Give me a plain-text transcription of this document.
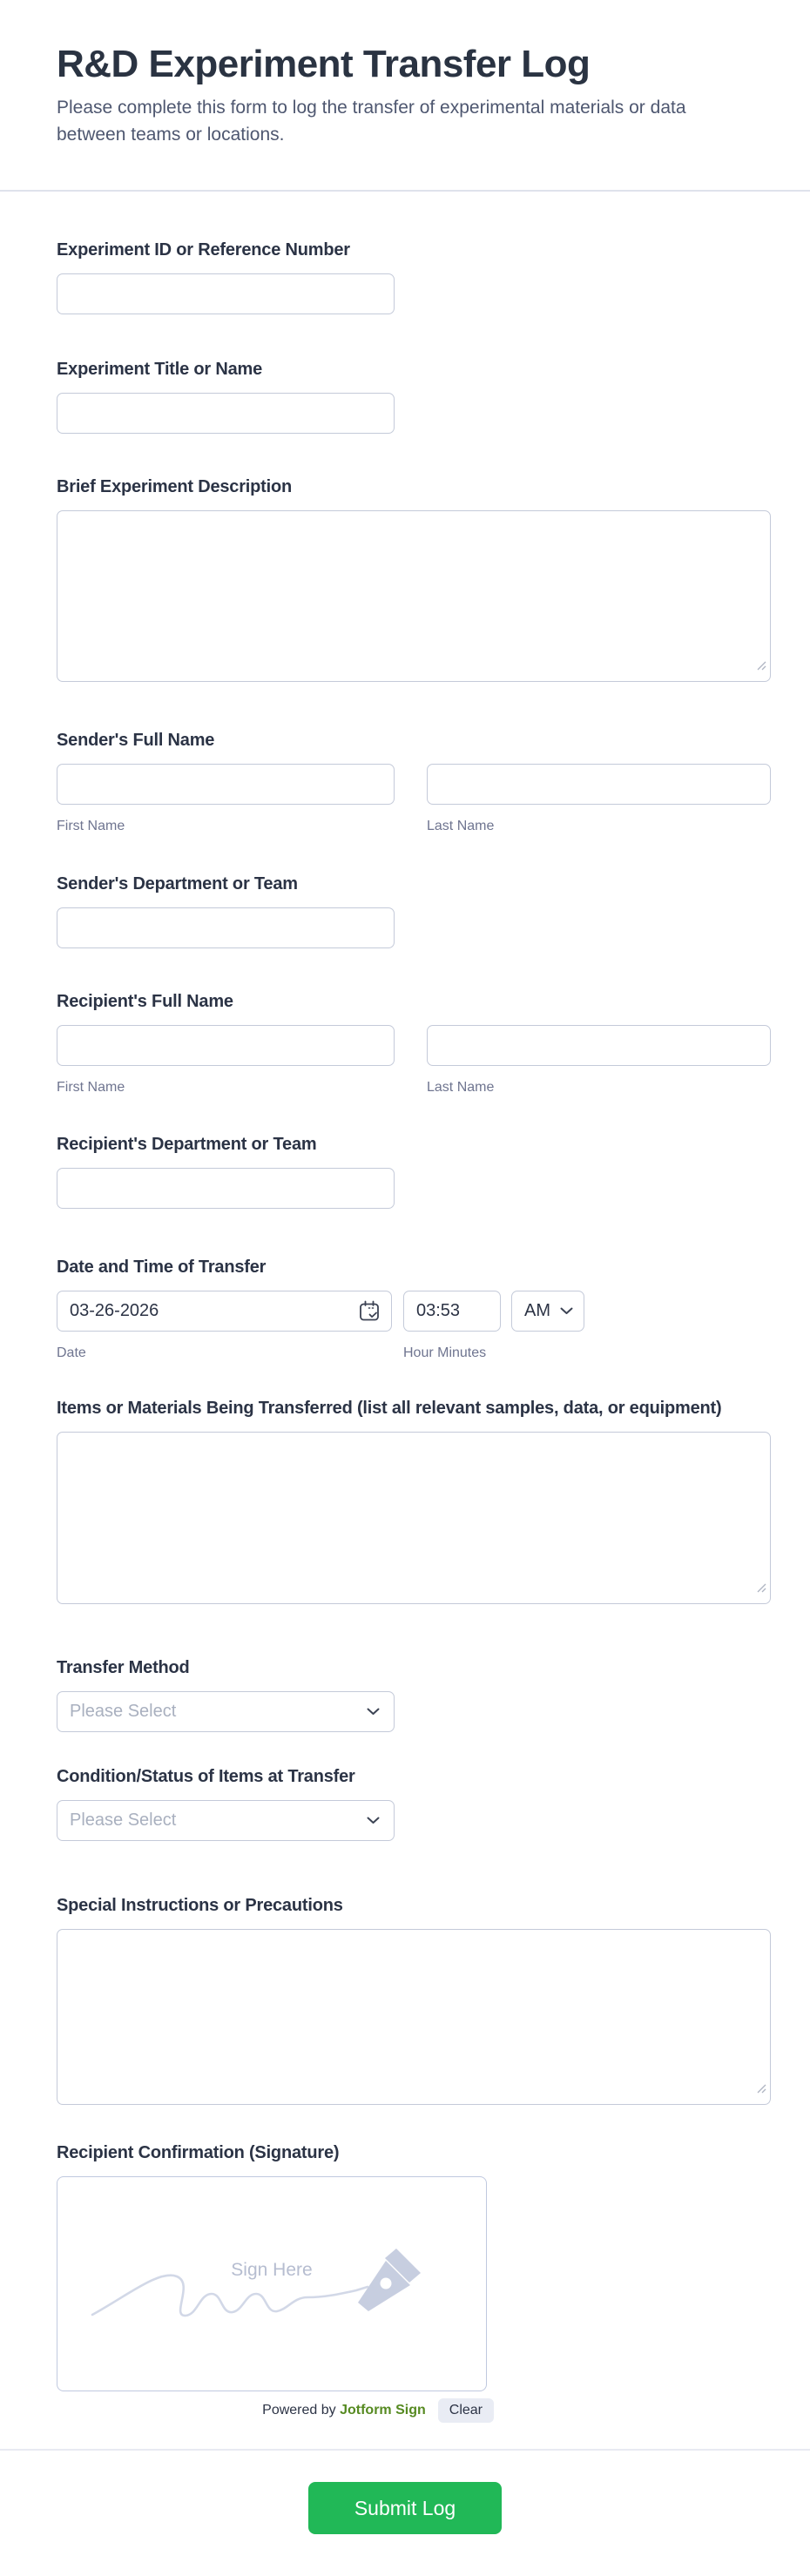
R&D Experiment Transfer Log

Please complete this form to log the transfer of experimental materials or data between teams or locations.

Experiment ID or Reference Number
Experiment Title or Name
Brief Experiment Description
Sender's Full Name
First Name	Last Name
Sender's Department or Team
Recipient's Full Name
First Name	Last Name
Recipient's Department or Team
Date and Time of Transfer
03-26-2026
03:53
AM
Date	Hour Minutes
Items or Materials Being Transferred (list all relevant samples, data, or equipment)
Transfer Method
Please Select
Condition/Status of Items at Transfer
Please Select
Special Instructions or Precautions
Recipient Confirmation (Signature)
Sign Here
Powered by Jotform Sign	Clear
Submit Log
